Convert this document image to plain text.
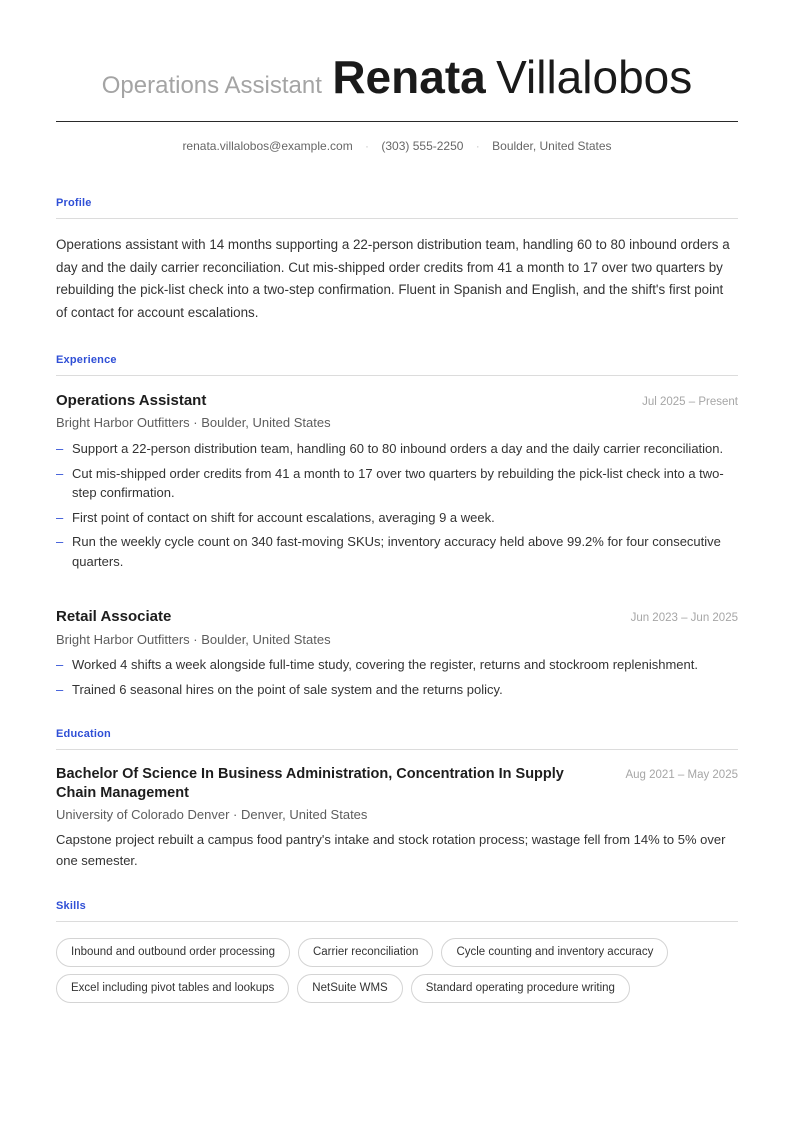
Operations Assistant Renata Villalobos
renata.villalobos@example.com · (303) 555-2250 · Boulder, United States
Profile
Operations assistant with 14 months supporting a 22-person distribution team, handling 60 to 80 inbound orders a day and the daily carrier reconciliation. Cut mis-shipped order credits from 41 a month to 17 over two quarters by rebuilding the pick-list check into a two-step confirmation. Fluent in Spanish and English, and the shift's first point of contact for account escalations.
Experience
Operations Assistant	Jul 2025 – Present
Bright Harbor Outfitters · Boulder, United States
– Support a 22-person distribution team, handling 60 to 80 inbound orders a day and the daily carrier reconciliation.
– Cut mis-shipped order credits from 41 a month to 17 over two quarters by rebuilding the pick-list check into a two-step confirmation.
– First point of contact on shift for account escalations, averaging 9 a week.
– Run the weekly cycle count on 340 fast-moving SKUs; inventory accuracy held above 99.2% for four consecutive quarters.
Retail Associate	Jun 2023 – Jun 2025
Bright Harbor Outfitters · Boulder, United States
– Worked 4 shifts a week alongside full-time study, covering the register, returns and stockroom replenishment.
– Trained 6 seasonal hires on the point of sale system and the returns policy.
Education
Bachelor Of Science In Business Administration, Concentration In Supply Chain Management
Aug 2021 – May 2025
University of Colorado Denver · Denver, United States
Capstone project rebuilt a campus food pantry's intake and stock rotation process; wastage fell from 14% to 5% over one semester.
Skills
Inbound and outbound order processing	Carrier reconciliation	Cycle counting and inventory accuracy
Excel including pivot tables and lookups	NetSuite WMS	Standard operating procedure writing
